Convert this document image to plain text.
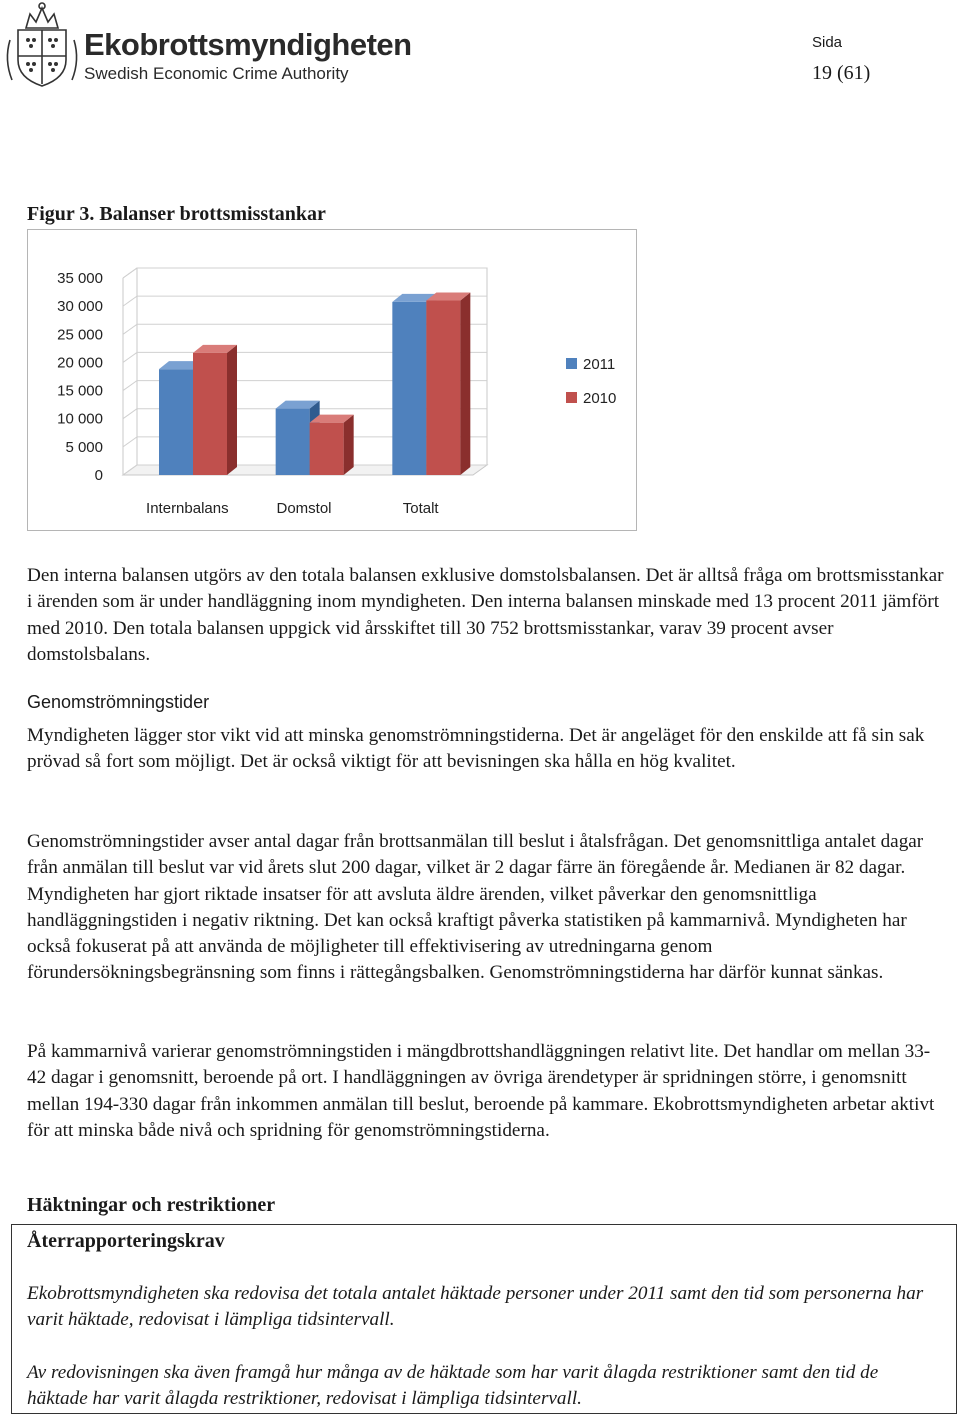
Ekobrottsmyndigheten
Swedish Economic Crime Authority
Sida
19 (61)
Figur 3. Balanser brottsmisstankar
35 000
30 000
25 000
20 000
15 000
10 000
5 000
0
Internbalans	Domstol	Totalt
2011
2010

Den interna balansen utgörs av den totala balansen exklusive domstolsbalansen. Det är alltså fråga om brottsmisstankar i ärenden som är under handläggning inom myndigheten. Den interna balansen minskade med 13 procent 2011 jämfört med 2010. Den totala balansen uppgick vid årsskiftet till 30 752 brottsmisstankar, varav 39 procent avser domstolsbalans.

Genomströmningstider

Myndigheten lägger stor vikt vid att minska genomströmningstiderna. Det är angeläget för den enskilde att få sin sak prövad så fort som möjligt. Det är också viktigt för att bevisningen ska hålla en hög kvalitet.

Genomströmningstider avser antal dagar från brottsanmälan till beslut i åtalsfrågan. Det genomsnittliga antalet dagar från anmälan till beslut var vid årets slut 200 dagar, vilket är 2 dagar färre än föregående år. Medianen är 82 dagar. Myndigheten har gjort riktade insatser för att avsluta äldre ärenden, vilket påverkar den genomsnittliga handläggningstiden i negativ riktning. Det kan också kraftigt påverka statistiken på kammarnivå. Myndigheten har också fokuserat på att använda de möjligheter till effektivisering av utredningarna genom förundersökningsbegränsning som finns i rättegångsbalken. Genomströmningstiderna har därför kunnat sänkas.

På kammarnivå varierar genomströmningstiden i mängdbrottshandläggningen relativt lite. Det handlar om mellan 33-42 dagar i genomsnitt, beroende på ort. I handläggningen av övriga ärendetyper är spridningen större, i genomsnitt mellan 194-330 dagar från inkommen anmälan till beslut, beroende på kammare. Ekobrottsmyndigheten arbetar aktivt för att minska både nivå och spridning för genomströmningstiderna.

Häktningar och restriktioner
Återrapporteringskrav

Ekobrottsmyndigheten ska redovisa det totala antalet häktade personer under 2011 samt den tid som personerna har varit häktade, redovisat i lämpliga tidsintervall.

Av redovisningen ska även framgå hur många av de häktade som har varit ålagda restriktioner samt den tid de häktade har varit ålagda restriktioner, redovisat i lämpliga tidsintervall.
